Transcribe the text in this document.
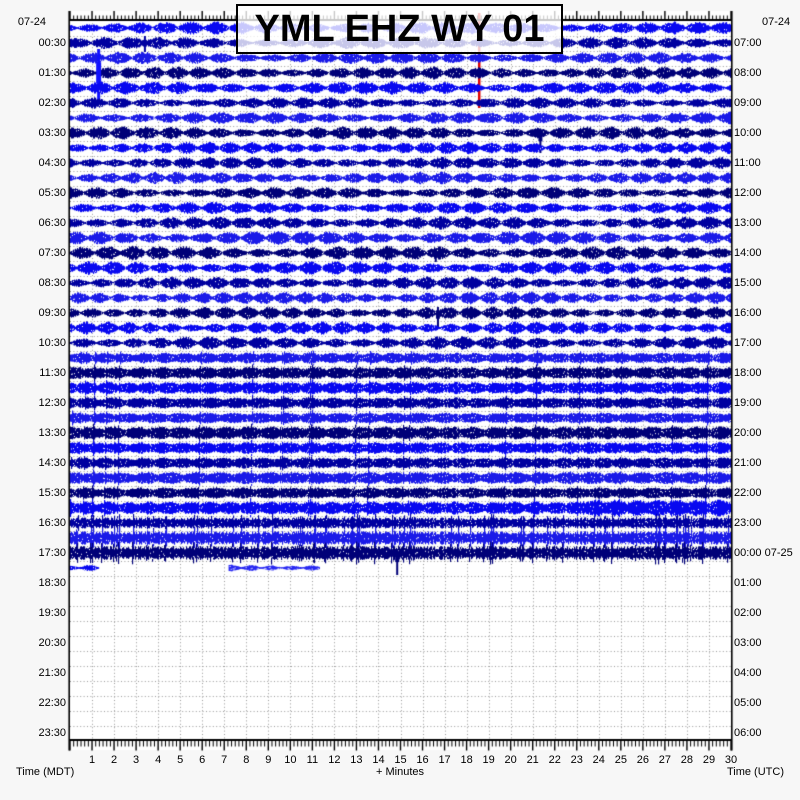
07-24	07-24
00:30
01:30
02:30
03:30
04:30
05:30
06:30
07:30
08:30
09:30
10:30
11:30
12:30
13:30
14:30
15:30
16:30
17:30
18:30
19:30
20:30
21:30
22:30
23:30
07:00
08:00
09:00
10:00
11:00
12:00
13:00
14:00
15:00
16:00
17:00
18:00
19:00
20:00
21:00
22:00
23:00
00:00 07-25
01:00
02:00
03:00
04:00
05:00
06:00
1	2	3	4	5	6	7	8	9	10 11 12 13 14 15 16 17 18 19 20 21 22 23 24 25 26 27 28 29 30
Time (MDT)	+ Minutes	Time (UTC)
YML EHZ WY 01
